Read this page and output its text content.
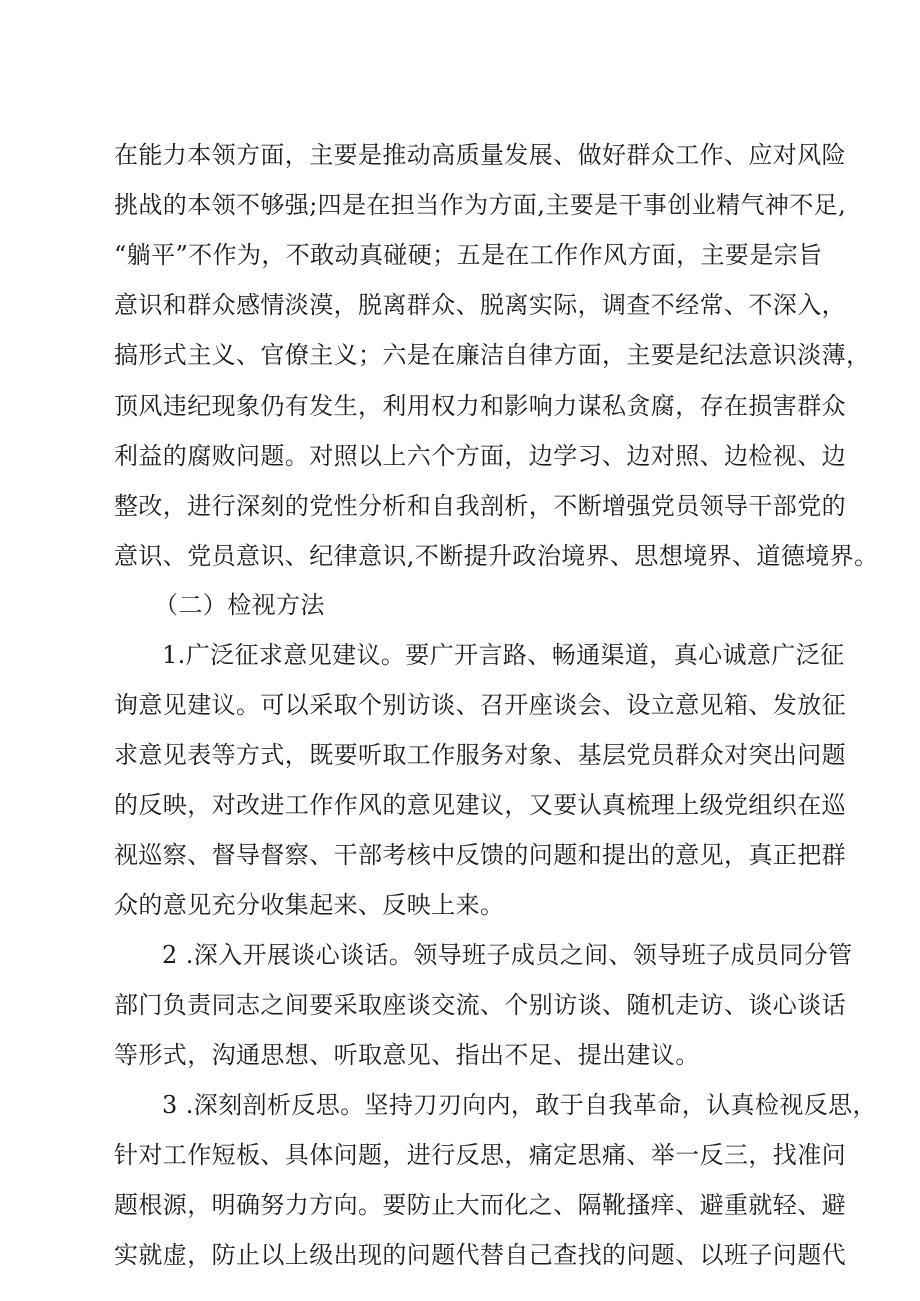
在能力本领方面，主要是推动高质量发展、做好群众工作、应对风险
挑战的本领不够强;四是在担当作为方面,主要是干事创业精气神不足,
“躺平”不作为，不敢动真碰硬；五是在工作作风方面，主要是宗旨
意识和群众感情淡漠，脱离群众、脱离实际，调查不经常、不深入，
搞形式主义、官僚主义；六是在廉洁自律方面，主要是纪法意识淡薄，
顶风违纪现象仍有发生，利用权力和影响力谋私贪腐，存在损害群众
利益的腐败问题。对照以上六个方面，边学习、边对照、边检视、边
整改，进行深刻的党性分析和自我剖析，不断增强党员领导干部党的
意识、党员意识、纪律意识,不断提升政治境界、思想境界、道德境界。
（二）检视方法
1.广泛征求意见建议。要广开言路、畅通渠道，真心诚意广泛征
询意见建议。可以采取个别访谈、召开座谈会、设立意见箱、发放征
求意见表等方式，既要听取工作服务对象、基层党员群众对突出问题
的反映，对改进工作作风的意见建议，又要认真梳理上级党组织在巡
视巡察、督导督察、干部考核中反馈的问题和提出的意见，真正把群
众的意见充分收集起来、反映上来。
2 .深入开展谈心谈话。领导班子成员之间、领导班子成员同分管
部门负责同志之间要采取座谈交流、个别访谈、随机走访、谈心谈话
等形式，沟通思想、听取意见、指出不足、提出建议。
3 .深刻剖析反思。坚持刀刃向内，敢于自我革命，认真检视反思，
针对工作短板、具体问题，进行反思，痛定思痛、举一反三，找准问
题根源，明确努力方向。要防止大而化之、隔靴搔痒、避重就轻、避
实就虚，防止以上级出现的问题代替自己查找的问题、以班子问题代
